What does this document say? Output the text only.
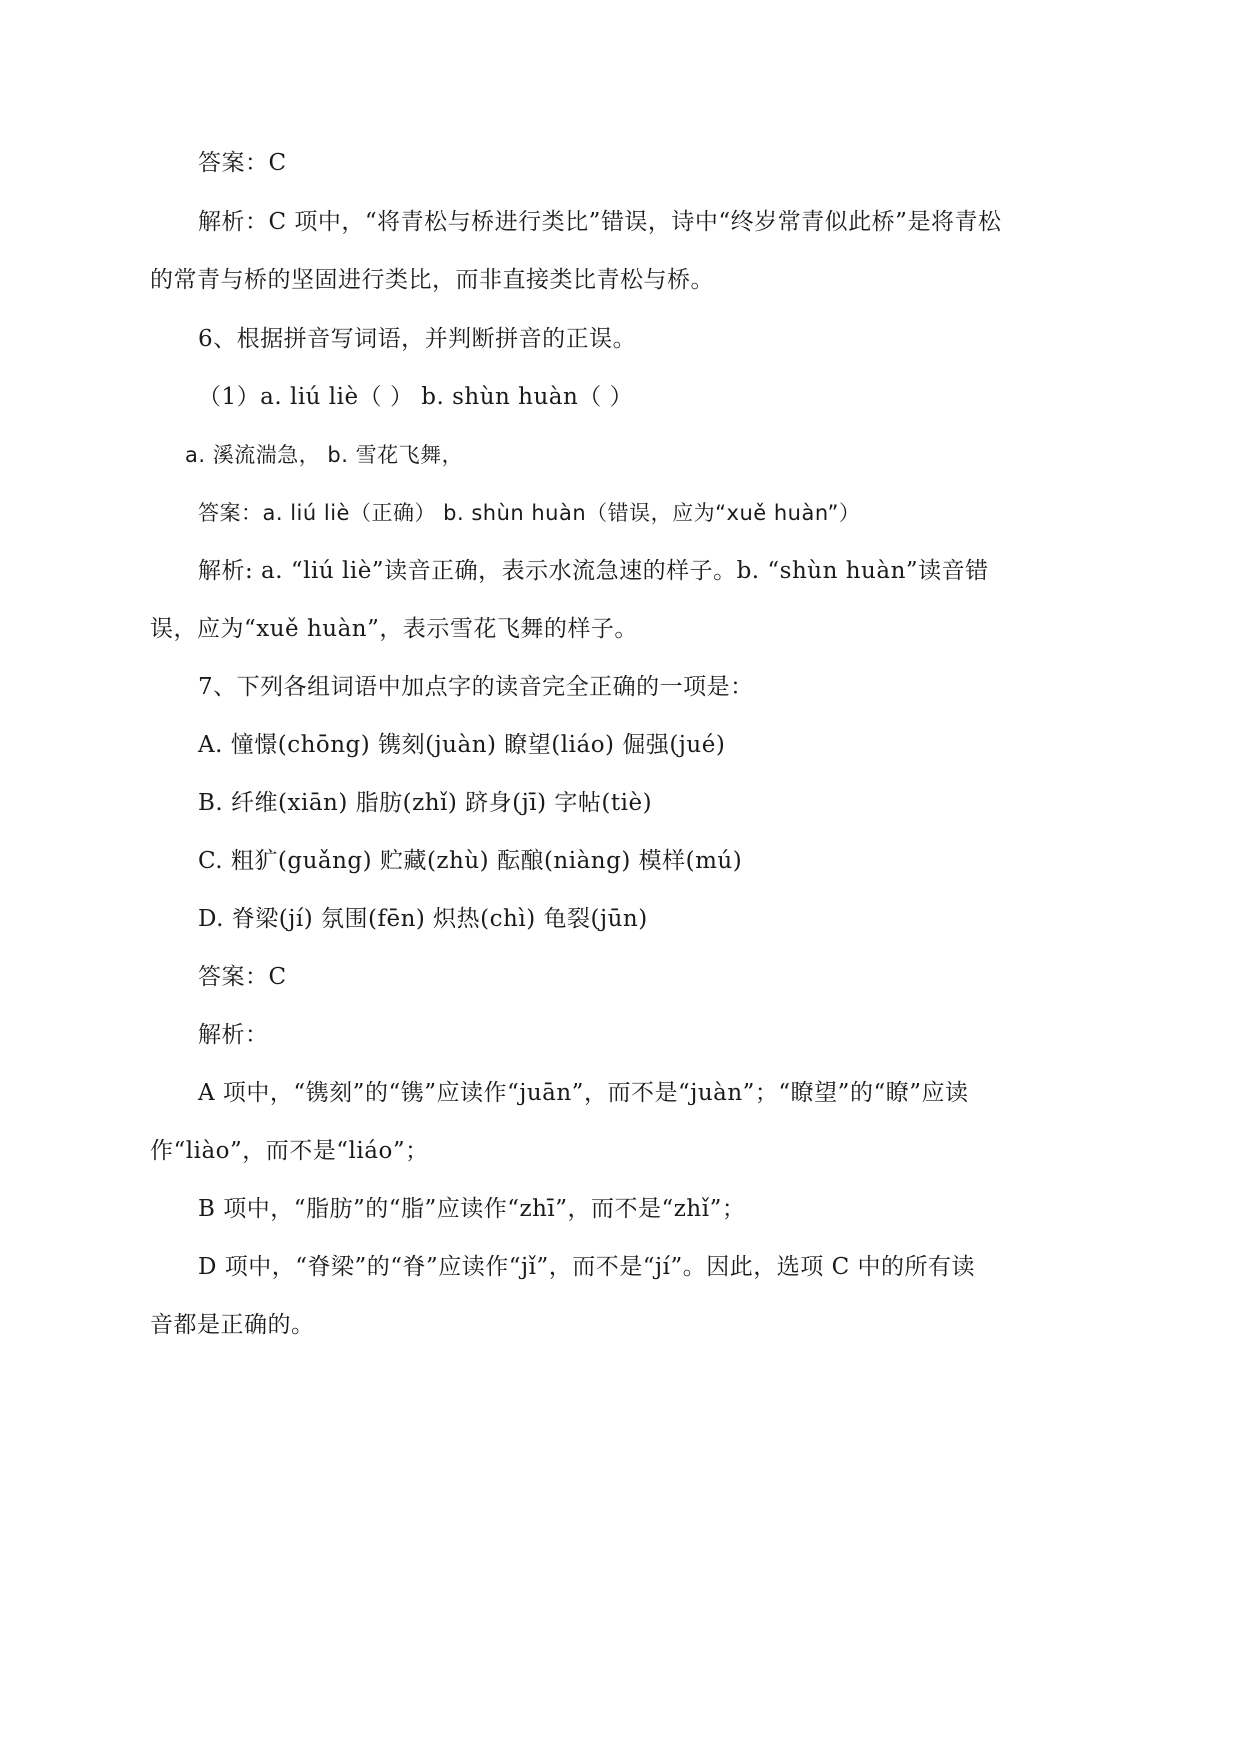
答案：C
解析：C 项中，“将青松与桥进行类比”错误，诗中“终岁常青似此桥”是将青松
的常青与桥的坚固进行类比，而非直接类比青松与桥。
6、根据拼音写词语，并判断拼音的正误。
（1）a. liú liè（ ） b. shùn huàn（ ）
a. 溪流湍急， b. 雪花飞舞，
答案：a. liú liè（正确） b. shùn huàn（错误，应为“xuě huàn”）
解析: a. “liú liè”读音正确，表示水流急速的样子。b. “shùn huàn”读音错
误，应为“xuě huàn”，表示雪花飞舞的样子。
7、下列各组词语中加点字的读音完全正确的一项是：
A. 憧憬(chōng) 镌刻(juàn) 瞭望(liáo) 倔强(jué)
B. 纤维(xiān) 脂肪(zhǐ) 跻身(jī) 字帖(tiè)
C. 粗犷(guǎng) 贮藏(zhù) 酝酿(niàng) 模样(mú)
D. 脊梁(jí) 氛围(fēn) 炽热(chì) 龟裂(jūn)
答案：C
解析：
A 项中，“镌刻”的“镌”应读作“juān”，而不是“juàn”；“瞭望”的“瞭”应读
作“liào”，而不是“liáo”；
B 项中，“脂肪”的“脂”应读作“zhī”，而不是“zhǐ”；
D 项中，“脊梁”的“脊”应读作“jǐ”，而不是“jí”。因此，选项 C 中的所有读
音都是正确的。
